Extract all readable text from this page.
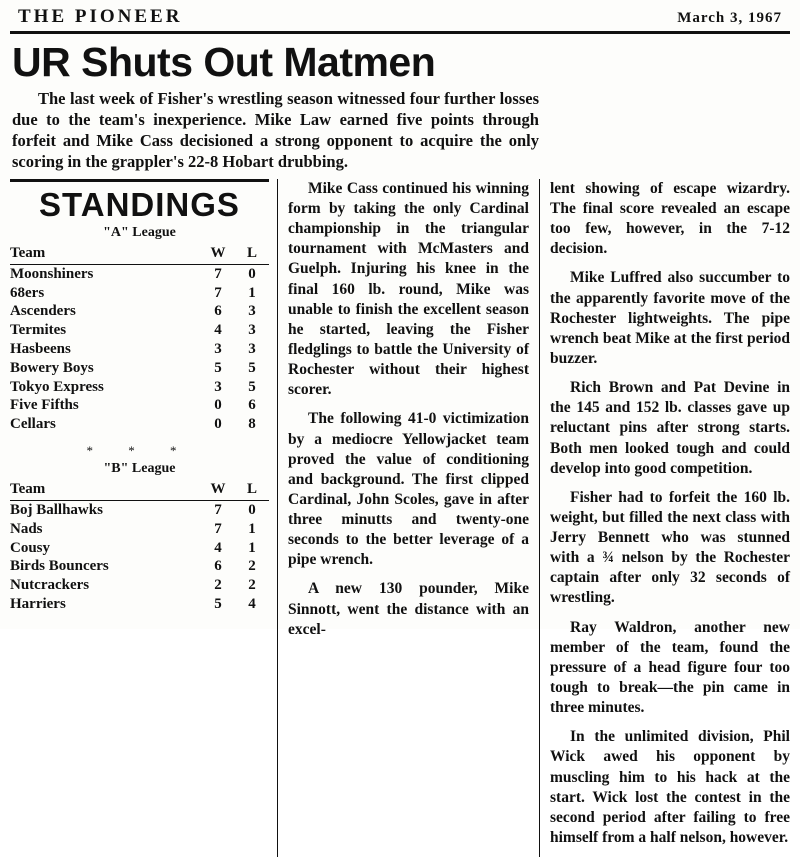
THE PIONEER	March 3, 1967
UR Shuts Out Matmen
The last week of Fisher's wrestling season witnessed four further losses due to the team's inexperience. Mike Law earned five points through forfeit and Mike Cass decisioned a strong opponent to acquire the only scoring in the grappler's 22-8 Hobart drubbing.
STANDINGS
"A" League
Team	W	L
Moonshiners	7	0
68ers	7	1
Ascenders	6	3
Termites	4	3
Hasbeens	3	3
Bowery Boys	5	5
Tokyo Express	3	5
Five Fifths	0	6
Cellars	0	8
* * *
"B" League
Team	W	L
Boj Ballhawks	7	0
Nads	7	1
Cousy	4	1
Birds Bouncers	6	2
Nutcrackers	2	2
Harriers	5	4

Mike Cass continued his winning form by taking the only Cardinal championship in the triangular tournament with McMasters and Guelph. Injuring his knee in the final 160 lb. round, Mike was unable to finish the excellent season he started, leaving the Fisher fledglings to battle the University of Rochester without their highest scorer.

The following 41-0 victimization by a mediocre Yellowjacket team proved the value of conditioning and background. The first clipped Cardinal, John Scoles, gave in after three minutts and twenty-one seconds to the better leverage of a pipe wrench.

A new 130 pounder, Mike Sinnott, went the distance with an excel-

lent showing of escape wizardry. The final score revealed an escape too few, however, in the 7-12 decision.

Mike Luffred also succumber to the apparently favorite move of the Rochester lightweights. The pipe wrench beat Mike at the first period buzzer.

Rich Brown and Pat Devine in the 145 and 152 lb. classes gave up reluctant pins after strong starts. Both men looked tough and could develop into good competition.

Fisher had to forfeit the 160 lb. weight, but filled the next class with Jerry Bennett who was stunned with a ¾ nelson by the Rochester captain after only 32 seconds of wrestling.

Ray Waldron, another new member of the team, found the pressure of a head figure four too tough to break—the pin came in three minutes.

In the unlimited division, Phil Wick awed his opponent by muscling him to his hack at the start. Wick lost the contest in the second period after failing to free himself from a half nelson, however.
